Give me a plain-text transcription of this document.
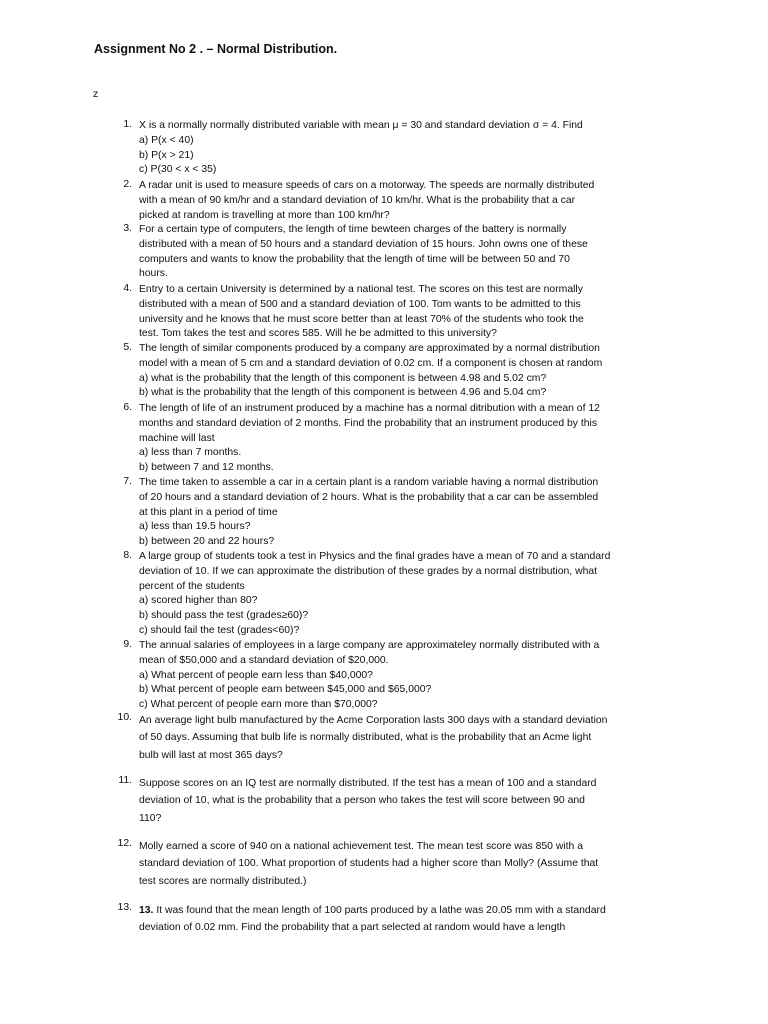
Assignment No 2 . – Normal Distribution.
z
1. X is a normally normally distributed variable with mean μ = 30 and standard deviation σ = 4. Find
a) P(x < 40)
b) P(x > 21)
c) P(30 < x < 35)
2. A radar unit is used to measure speeds of cars on a motorway. The speeds are normally distributed
with a mean of 90 km/hr and a standard deviation of 10 km/hr. What is the probability that a car
picked at random is travelling at more than 100 km/hr?
3. For a certain type of computers, the length of time bewteen charges of the battery is normally
distributed with a mean of 50 hours and a standard deviation of 15 hours. John owns one of these
computers and wants to know the probability that the length of time will be between 50 and 70
hours.
4. Entry to a certain University is determined by a national test. The scores on this test are normally
distributed with a mean of 500 and a standard deviation of 100. Tom wants to be admitted to this
university and he knows that he must score better than at least 70% of the students who took the
test. Tom takes the test and scores 585. Will he be admitted to this university?
5. The length of similar components produced by a company are approximated by a normal distribution
model with a mean of 5 cm and a standard deviation of 0.02 cm. If a component is chosen at random
a) what is the probability that the length of this component is between 4.98 and 5.02 cm?
b) what is the probability that the length of this component is between 4.96 and 5.04 cm?
6. The length of life of an instrument produced by a machine has a normal ditribution with a mean of 12
months and standard deviation of 2 months. Find the probability that an instrument produced by this
machine will last
a) less than 7 months.
b) between 7 and 12 months.
7. The time taken to assemble a car in a certain plant is a random variable having a normal distribution
of 20 hours and a standard deviation of 2 hours. What is the probability that a car can be assembled
at this plant in a period of time
a) less than 19.5 hours?
b) between 20 and 22 hours?
8. A large group of students took a test in Physics and the final grades have a mean of 70 and a standard
deviation of 10. If we can approximate the distribution of these grades by a normal distribution, what
percent of the students
a) scored higher than 80?
b) should pass the test (grades≥60)?
c) should fail the test (grades<60)?
9. The annual salaries of employees in a large company are approximateley normally distributed with a
mean of $50,000 and a standard deviation of $20,000.
a) What percent of people earn less than $40,000?
b) What percent of people earn between $45,000 and $65,000?
c) What percent of people earn more than $70,000?
10. An average light bulb manufactured by the Acme Corporation lasts 300 days with a standard deviation
of 50 days. Assuming that bulb life is normally distributed, what is the probability that an Acme light
bulb will last at most 365 days?
11. Suppose scores on an IQ test are normally distributed. If the test has a mean of 100 and a standard
deviation of 10, what is the probability that a person who takes the test will score between 90 and
110?
12. Molly earned a score of 940 on a national achievement test. The mean test score was 850 with a
standard deviation of 100. What proportion of students had a higher score than Molly? (Assume that
test scores are normally distributed.)
13. 13. It was found that the mean length of 100 parts produced by a lathe was 20.05 mm with a standard
deviation of 0.02 mm. Find the probability that a part selected at random would have a length
